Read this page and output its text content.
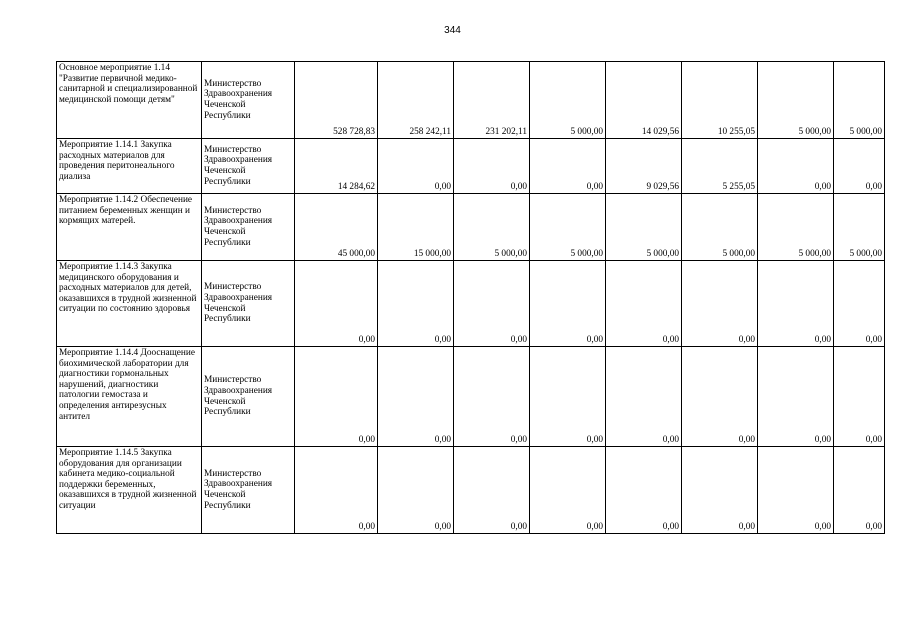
344
Основное мероприятие 1.14 "Развитие первичной медико-санитарной и специализированной медицинской помощи детям"	Министерство Здравоохранения Чеченской Республики	528 728,83	258 242,11	231 202,11	5 000,00	14 029,56	10 255,05	5 000,00	5 000,00
Мероприятие 1.14.1 Закупка расходных материалов для проведения перитонеального диализа	Министерство Здравоохранения Чеченской Республики	14 284,62	0,00	0,00	0,00	9 029,56	5 255,05	0,00	0,00
Мероприятие 1.14.2 Обеспечение питанием беременных женщин и кормящих матерей.	Министерство Здравоохранения Чеченской Республики	45 000,00	15 000,00	5 000,00	5 000,00	5 000,00	5 000,00	5 000,00	5 000,00
Мероприятие 1.14.3 Закупка медицинского оборудования и расходных материалов для детей, оказавшихся в трудной жизненной ситуации по состоянию здоровья	Министерство Здравоохранения Чеченской Республики	0,00	0,00	0,00	0,00	0,00	0,00	0,00	0,00
Мероприятие 1.14.4 Дооснащение биохимической лаборатории для диагностики гормональных нарушений, диагностики патологии гемостаза и определения антирезусных антител	Министерство Здравоохранения Чеченской Республики	0,00	0,00	0,00	0,00	0,00	0,00	0,00	0,00
Мероприятие 1.14.5 Закупка оборудования для организации кабинета медико-социальной поддержки беременных, оказавшихся в трудной жизненной ситуации	Министерство Здравоохранения Чеченской Республики	0,00	0,00	0,00	0,00	0,00	0,00	0,00	0,00
